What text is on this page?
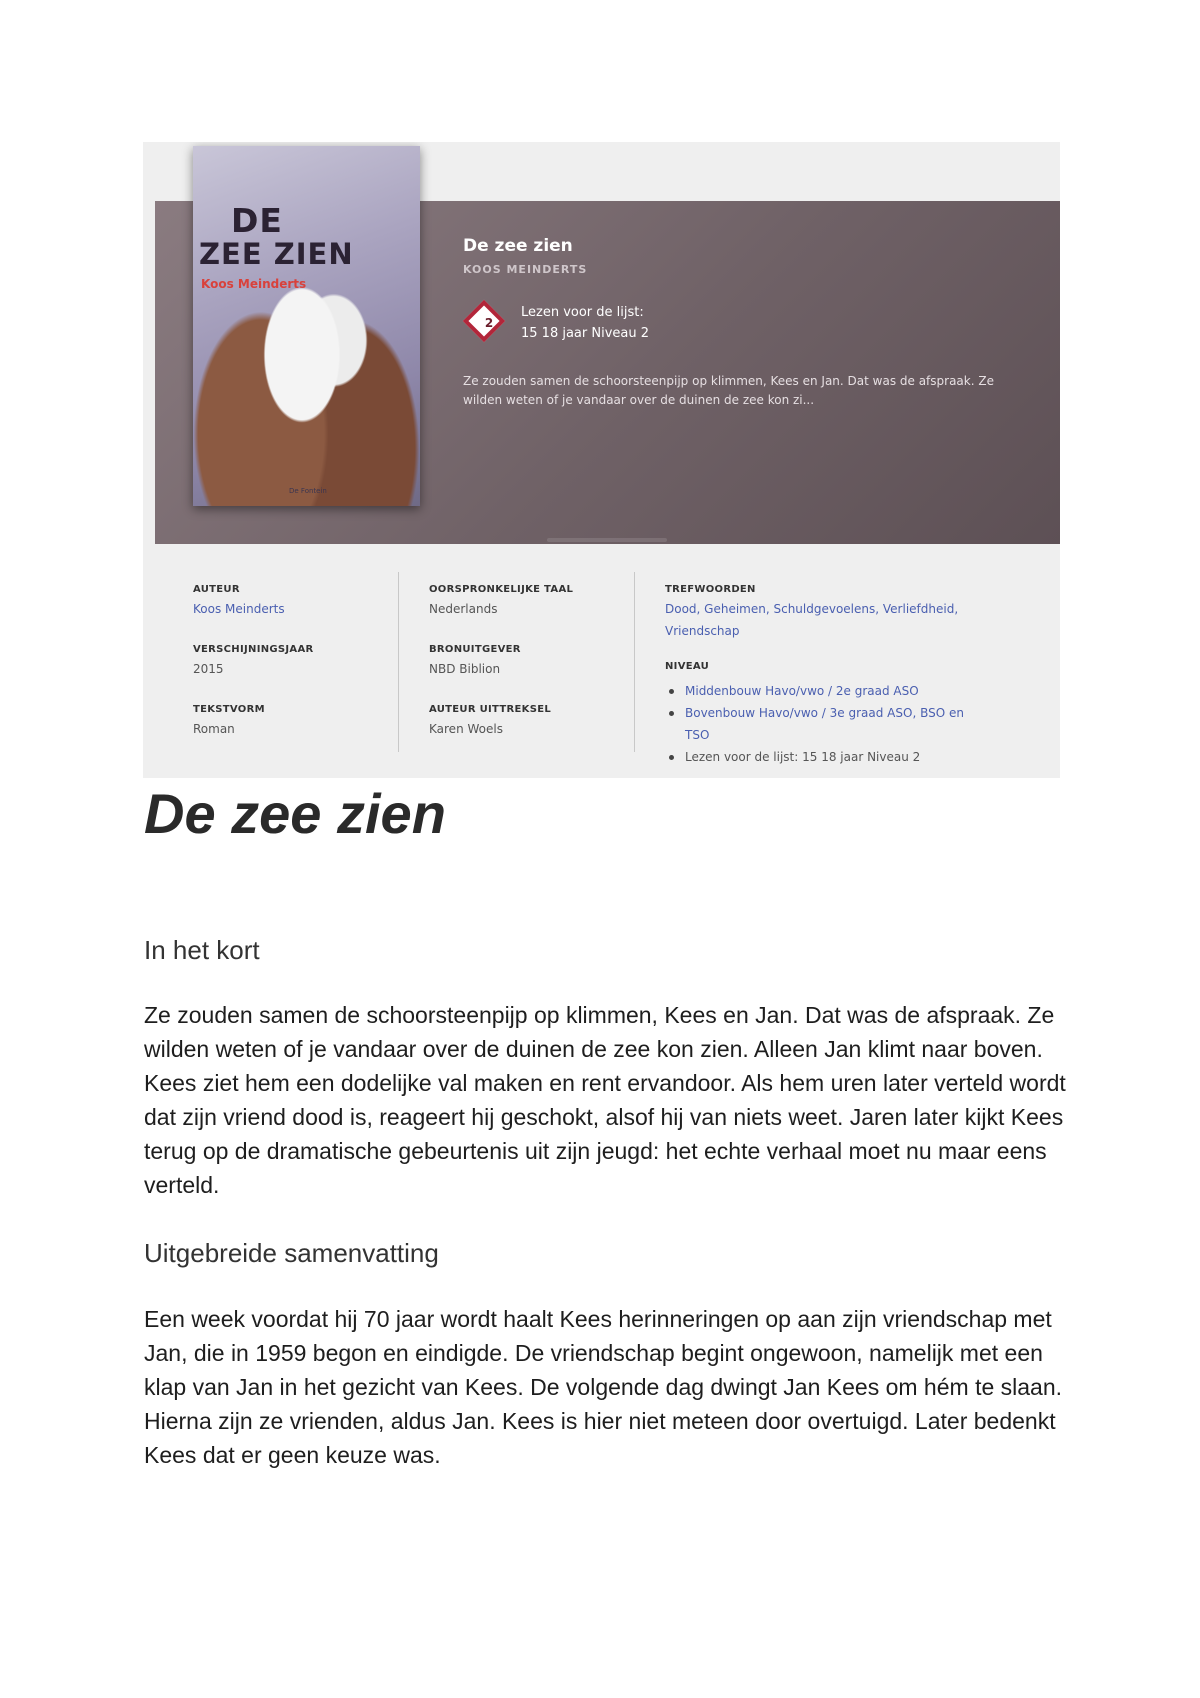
DE
ZEE ZIEN
Koos Meinderts
De Fontein
De zee zien
KOOS MEINDERTS
2
Lezen voor de lijst:
15 18 jaar Niveau 2
Ze zouden samen de schoorsteenpijp op klimmen, Kees en Jan. Dat was de afspraak. Ze wilden weten of je vandaar over de duinen de zee kon zi...
AUTEUR
Koos Meinderts
VERSCHIJNINGSJAAR
2015
TEKSTVORM
Roman
OORSPRONKELIJKE TAAL
Nederlands
BRONUITGEVER
NBD Biblion
AUTEUR UITTREKSEL
Karen Woels
TREFWOORDEN
Dood, Geheimen, Schuldgevoelens, Verliefdheid, Vriendschap
NIVEAU
Middenbouw Havo/vwo / 2e graad ASO
Bovenbouw Havo/vwo / 3e graad ASO, BSO en TSO
Lezen voor de lijst: 15 18 jaar Niveau 2
De zee zien
In het kort

Ze zouden samen de schoorsteenpijp op klimmen, Kees en Jan. Dat was de afspraak. Ze wilden weten of je vandaar over de duinen de zee kon zien. Alleen Jan klimt naar boven. Kees ziet hem een dodelijke val maken en rent ervandoor. Als hem uren later verteld wordt dat zijn vriend dood is, reageert hij geschokt, alsof hij van niets weet. Jaren later kijkt Kees terug op de dramatische gebeurtenis uit zijn jeugd: het echte verhaal moet nu maar eens verteld.

Uitgebreide samenvatting

Een week voordat hij 70 jaar wordt haalt Kees herinneringen op aan zijn vriendschap met Jan, die in 1959 begon en eindigde. De vriendschap begint ongewoon, namelijk met een klap van Jan in het gezicht van Kees. De volgende dag dwingt Jan Kees om hém te slaan. Hierna zijn ze vrienden, aldus Jan. Kees is hier niet meteen door overtuigd. Later bedenkt Kees dat er geen keuze was.
